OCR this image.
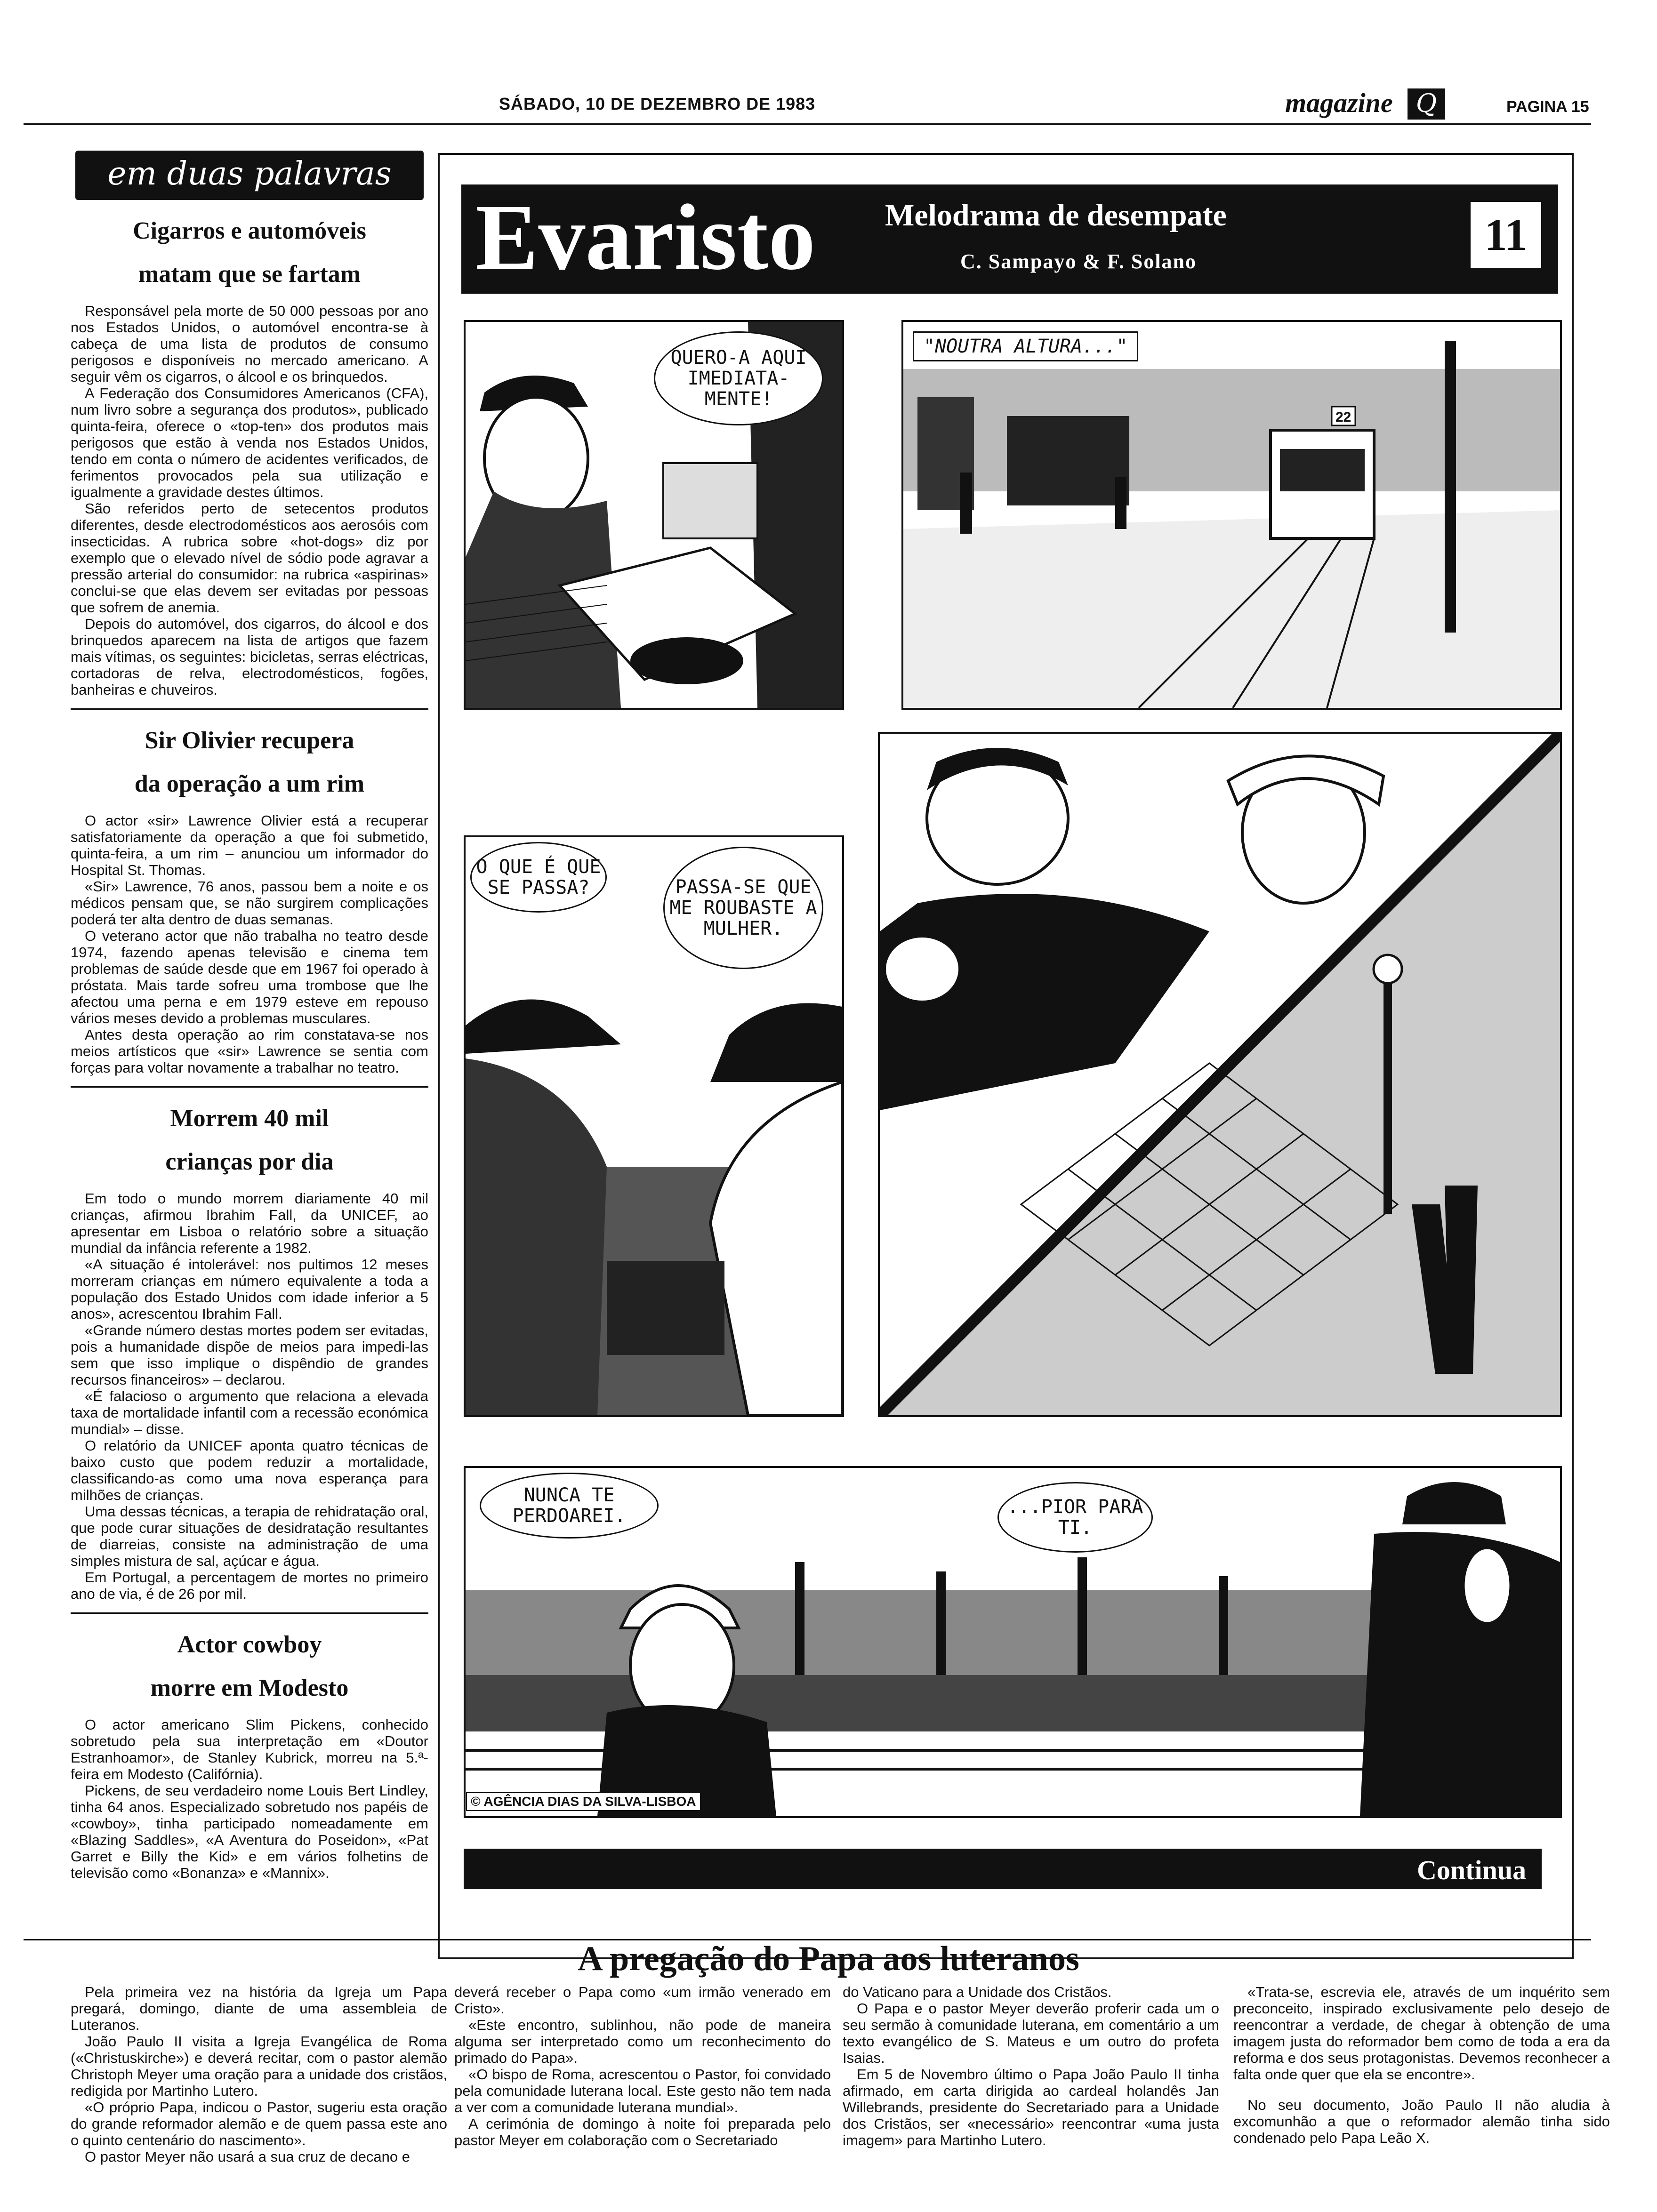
SÁBADO, 10 DE DEZEMBRO DE 1983	magazine Q	PAGINA 15
em duas palavras
Cigarros e automóveis
matam que se fartam

Responsável pela morte de 50 000 pessoas por ano nos Estados Unidos, o automóvel encontra-se à cabeça de uma lista de produtos de consumo perigosos e disponíveis no mercado americano. A seguir vêm os cigarros, o álcool e os brinquedos.

A Federação dos Consumidores Americanos (CFA), num livro sobre a segurança dos produtos», publicado quinta-feira, oferece o «top-ten» dos produtos mais perigosos que estão à venda nos Estados Unidos, tendo em conta o número de acidentes verificados, de ferimentos provocados pela sua utilização e igualmente a gravidade destes últimos.

São referidos perto de setecentos produtos diferentes, desde electrodomésticos aos aerosóis com insecticidas. A rubrica sobre «hot-dogs» diz por exemplo que o elevado nível de sódio pode agravar a pressão arterial do consumidor: na rubrica «aspirinas» conclui-se que elas devem ser evitadas por pessoas que sofrem de anemia.

Depois do automóvel, dos cigarros, do álcool e dos brinquedos aparecem na lista de artigos que fazem mais vítimas, os seguintes: bicicletas, serras eléctricas, cortadoras de relva, electrodomésticos, fogões, banheiras e chuveiros.

Sir Olivier recupera
da operação a um rim

O actor «sir» Lawrence Olivier está a recuperar satisfatoriamente da operação a que foi submetido, quinta-feira, a um rim – anunciou um informador do Hospital St. Thomas.

«Sir» Lawrence, 76 anos, passou bem a noite e os médicos pensam que, se não surgirem complicações poderá ter alta dentro de duas semanas.

O veterano actor que não trabalha no teatro desde 1974, fazendo apenas televisão e cinema tem problemas de saúde desde que em 1967 foi operado à próstata. Mais tarde sofreu uma trombose que lhe afectou uma perna e em 1979 esteve em repouso vários meses devido a problemas musculares.

Antes desta operação ao rim constatava-se nos meios artísticos que «sir» Lawrence se sentia com forças para voltar novamente a trabalhar no teatro.

Morrem 40 mil
crianças por dia

Em todo o mundo morrem diariamente 40 mil crianças, afirmou Ibrahim Fall, da UNICEF, ao apresentar em Lisboa o relatório sobre a situação mundial da infância referente a 1982.

«A situação é intolerável: nos pultimos 12 meses morreram crianças em número equivalente a toda a população dos Estado Unidos com idade inferior a 5 anos», acrescentou Ibrahim Fall.

«Grande número destas mortes podem ser evitadas, pois a humanidade dispõe de meios para impedi-las sem que isso implique o dispêndio de grandes recursos financeiros» – declarou.

«É falacioso o argumento que relaciona a elevada taxa de mortalidade infantil com a recessão económica mundial» – disse.

O relatório da UNICEF aponta quatro técnicas de baixo custo que podem reduzir a mortalidade, classificando-as como uma nova esperança para milhões de crianças.

Uma dessas técnicas, a terapia de rehidratação oral, que pode curar situações de desidratação resultantes de diarreias, consiste na administração de uma simples mistura de sal, açúcar e água.

Em Portugal, a percentagem de mortes no primeiro ano de via, é de 26 por mil.

Actor cowboy
morre em Modesto

O actor americano Slim Pickens, conhecido sobretudo pela sua interpretação em «Doutor Estranhoamor», de Stanley Kubrick, morreu na 5.ª-feira em Modesto (Califórnia).

Pickens, de seu verdadeiro nome Louis Bert Lindley, tinha 64 anos. Especializado sobretudo nos papéis de «cowboy», tinha participado nomeadamente em «Blazing Saddles», «A Aventura do Poseidon», «Pat Garret e Billy the Kid» e em vários folhetins de televisão como «Bonanza» e «Mannix».

Evaristo Melodrama de desempate
C. Sampayo & F. Solano
11
QUERO-A AQUI IMEDIATA-MENTE!
22
"NOUTRA ALTURA..."
O QUE É QUE SE PASSA?	PASSA-SE QUE ME ROUBASTE A MULHER.
NUNCA TE PERDOAREI.	...PIOR PARA TI.
© AGÊNCIA DIAS DA SILVA-LISBOA
Continua
A pregação do Papa aos luteranos

Pela primeira vez na história da Igreja um Papa pregará, domingo, diante de uma assembleia de Luteranos.

João Paulo II visita a Igreja Evangélica de Roma («Christuskirche») e deverá recitar, com o pastor alemão Christoph Meyer uma oração para a unidade dos cristãos, redigida por Martinho Lutero.

«O próprio Papa, indicou o Pastor, sugeriu esta oração do grande reformador alemão e de quem passa este ano o quinto centenário do nascimento».

O pastor Meyer não usará a sua cruz de decano e

deverá receber o Papa como «um irmão venerado em Cristo».

«Este encontro, sublinhou, não pode de maneira alguma ser interpretado como um reconhecimento do primado do Papa».

«O bispo de Roma, acrescentou o Pastor, foi convidado pela comunidade luterana local. Este gesto não tem nada a ver com a comunidade luterana mundial».

A cerimónia de domingo à noite foi preparada pelo pastor Meyer em colaboração com o Secretariado

do Vaticano para a Unidade dos Cristãos.

O Papa e o pastor Meyer deverão proferir cada um o seu sermão à comunidade luterana, em comentário a um texto evangélico de S. Mateus e um outro do profeta Isaias.

Em 5 de Novembro último o Papa João Paulo II tinha afirmado, em carta dirigida ao cardeal holandês Jan Willebrands, presidente do Secretariado para a Unidade dos Cristãos, ser «necessário» reencontrar «uma justa imagem» para Martinho Lutero.

«Trata-se, escrevia ele, através de um inquérito sem preconceito, inspirado exclusivamente pelo desejo de reencontrar a verdade, de chegar à obtenção de uma imagem justa do reformador bem como de toda a era da reforma e dos seus protagonistas. Devemos reconhecer a falta onde quer que ela se encontre».

No seu documento, João Paulo II não aludia à excomunhão a que o reformador alemão tinha sido condenado pelo Papa Leão X.
